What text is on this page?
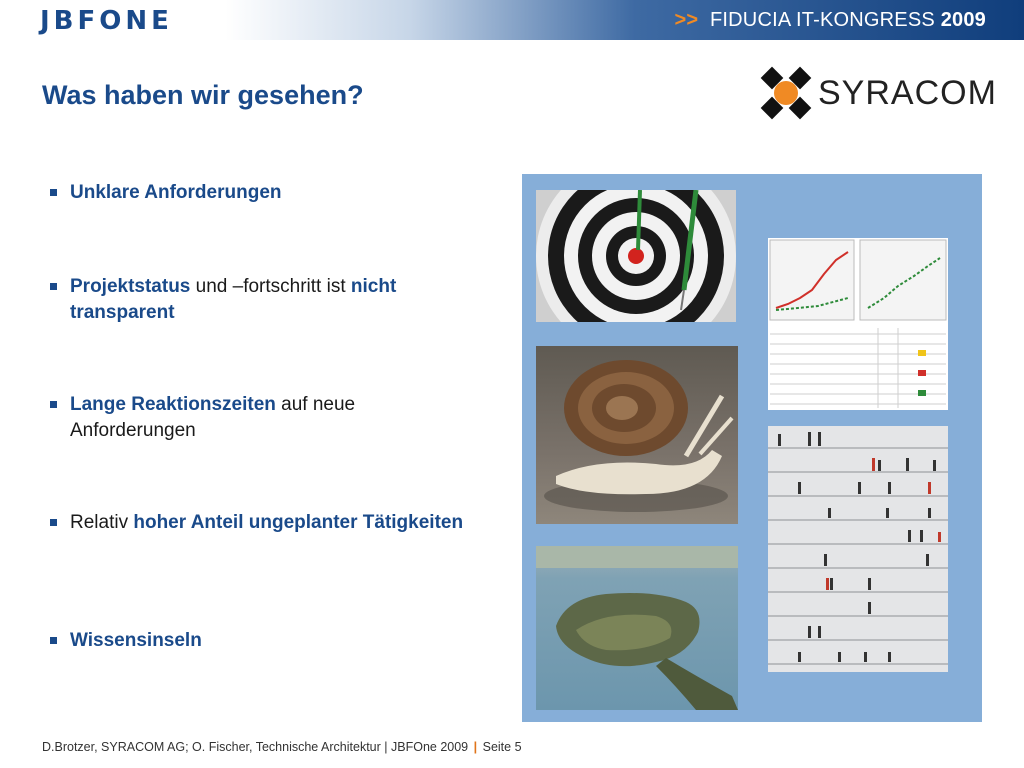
JBFONE	>> FIDUCIA IT-KONGRESS 2009
Was haben wir gesehen?	SYRACOM
Unklare Anforderungen
Projektstatus und –fortschritt ist nicht transparent
Lange Reaktionszeiten auf neue Anforderungen
Relativ hoher Anteil ungeplanter Tätigkeiten
Wissensinseln
D.Brotzer, SYRACOM AG; O. Fischer, Technische Architektur | JBFOne 2009 | Seite 5
